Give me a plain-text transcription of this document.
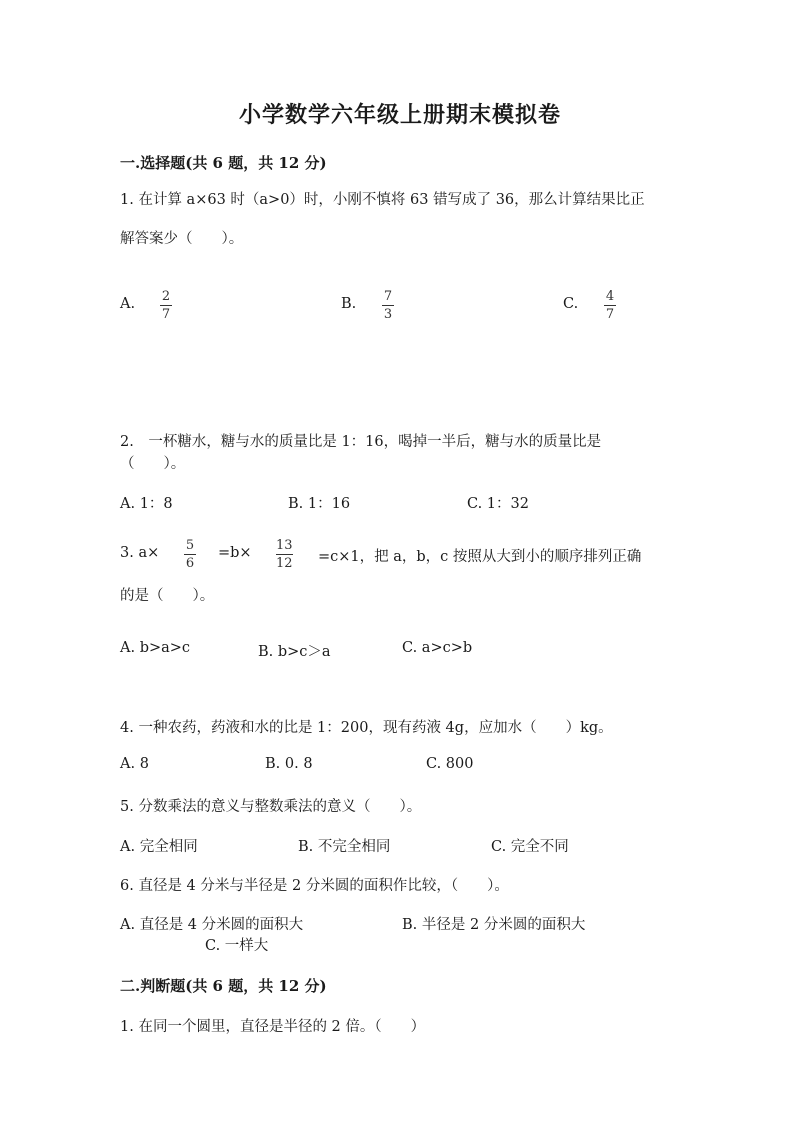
小学数学六年级上册期末模拟卷
一.选择题(共 6 题，共 12 分)
1. 在计算 a×63 时（a>0）时，小刚不慎将 63 错写成了 36，那么计算结果比正
解答案少（　　）。
A. 2
7
B. 7
3
C. 4
7
2.　一杯糖水，糖与水的质量比是 1：16，喝掉一半后，糖与水的质量比是
（　　）。
A. 1：8	B. 1：16	C. 1：32
3. a× 5
6
=b× 13
12 =c×1，把 a，b，c 按照从大到小的顺序排列正确
的是（　　）。
A. b>a>c	B. b>c＞a	C. a>c>b
4. 一种农药，药液和水的比是 1：200，现有药液 4g，应加水（　　）kg。
A. 8	B. 0. 8	C. 800
5. 分数乘法的意义与整数乘法的意义（　　）。
A. 完全相同	B. 不完全相同	C. 完全不同
6. 直径是 4 分米与半径是 2 分米圆的面积作比较，（　　）。
A. 直径是 4 分米圆的面积大	B. 半径是 2 分米圆的面积大
C. 一样大
二.判断题(共 6 题，共 12 分)
1. 在同一个圆里，直径是半径的 2 倍。（　　）
